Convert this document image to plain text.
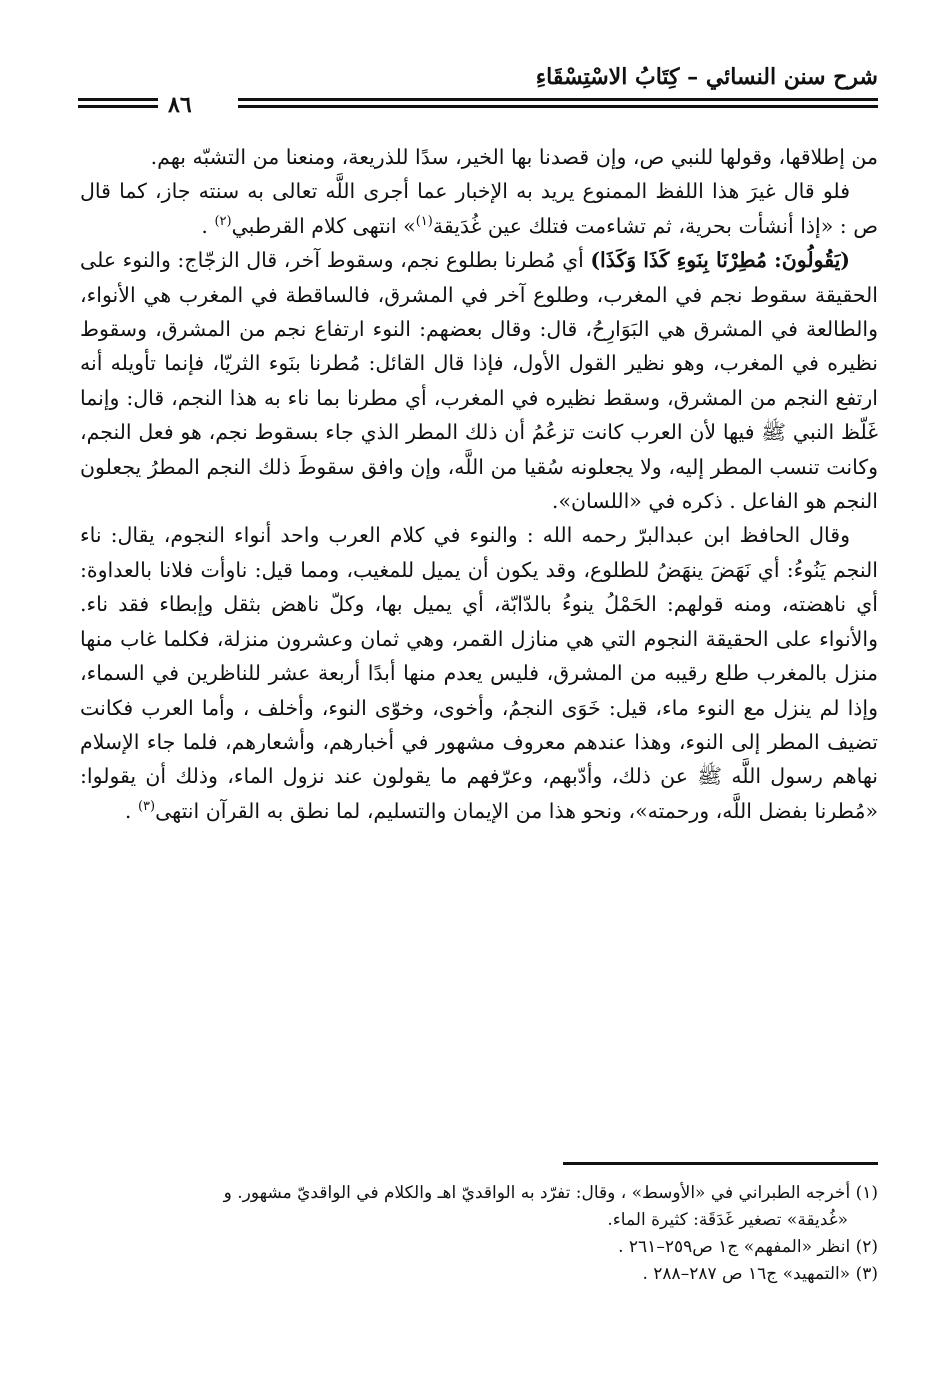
شرح سنن النسائي – كِتَابُ الاسْتِسْقَاءِ
٨٦

من إطلاقها، وقولها للنبي ص، وإن قصدنا بها الخير، سدًا للذريعة، ومنعنا من التشبّه بهم.

فلو قال غيرَ هذا اللفظ الممنوع يريد به الإخبار عما أجرى اللَّه تعالى به سنته جاز، كما قال ص : «إذا أنشأت بحرية، ثم تشاءمت فتلك عين غُدَيقة$^{(١)}$» انتهى كلام القرطبي$^{(٢)}$ .

(يَقُولُونَ: مُطِرْنَا بِنَوءِ كَذَا وَكَذَا) أي مُطرنا بطلوع نجم، وسقوط آخر، قال الزجّاج: والنوء على الحقيقة سقوط نجم في المغرب، وطلوع آخر في المشرق، فالساقطة في المغرب هي الأنواء، والطالعة في المشرق هي البَوَارِحُ، قال: وقال بعضهم: النوء ارتفاع نجم من المشرق، وسقوط نظيره في المغرب، وهو نظير القول الأول، فإذا قال القائل: مُطرنا بنَوء الثريّا، فإنما تأويله أنه ارتفع النجم من المشرق، وسقط نظيره في المغرب، أي مطرنا بما ناء به هذا النجم، قال: وإنما غَلّظ النبي ﷺ فيها لأن العرب كانت تزعُمُ أن ذلك المطر الذي جاء بسقوط نجم، هو فعل النجم، وكانت تنسب المطر إليه، ولا يجعلونه سُقيا من اللَّه، وإن وافق سقوطَ ذلك النجم المطرُ يجعلون النجم هو الفاعل . ذكره في «اللسان».

وقال الحافظ ابن عبدالبرّ رحمه الله : والنوء في كلام العرب واحد أنواء النجوم، يقال: ناء النجم يَنُوءُ: أي نَهَضَ ينهَضُ للطلوع، وقد يكون أن يميل للمغيب، ومما قيل: ناوأت فلانا بالعداوة: أي ناهضته، ومنه قولهم: الحَمْلُ ينوءُ بالدّابّة، أي يميل بها، وكلّ ناهض بثقل وإبطاء فقد ناء. والأنواء على الحقيقة النجوم التي هي منازل القمر، وهي ثمان وعشرون منزلة، فكلما غاب منها منزل بالمغرب طلع رقيبه من المشرق، فليس يعدم منها أبدًا أربعة عشر للناظرين في السماء، وإذا لم ينزل مع النوء ماء، قيل: خَوَى النجمُ، وأخوى، وخوّى النوء، وأخلف ، وأما العرب فكانت تضيف المطر إلى النوء، وهذا عندهم معروف مشهور في أخبارهم، وأشعارهم، فلما جاء الإسلام نهاهم رسول اللَّه ﷺ عن ذلك، وأدّبهم، وعرّفهم ما يقولون عند نزول الماء، وذلك أن يقولوا: «مُطرنا بفضل اللَّه، ورحمته»، ونحو هذا من الإيمان والتسليم، لما نطق به القرآن انتهى$^{(٣)}$ .

(١) أخرجه الطبراني في «الأوسط» ، وقال: تفرّد به الواقديّ اهـ والكلام في الواقديّ مشهور. و

«غُديقة» تصغير غَدَقَة: كثيرة الماء.

(٢) انظر «المفهم» ج١ ص٢٥٩–٢٦١ .

(٣) «التمهيد» ج١٦ ص ٢٨٧–٢٨٨ .
